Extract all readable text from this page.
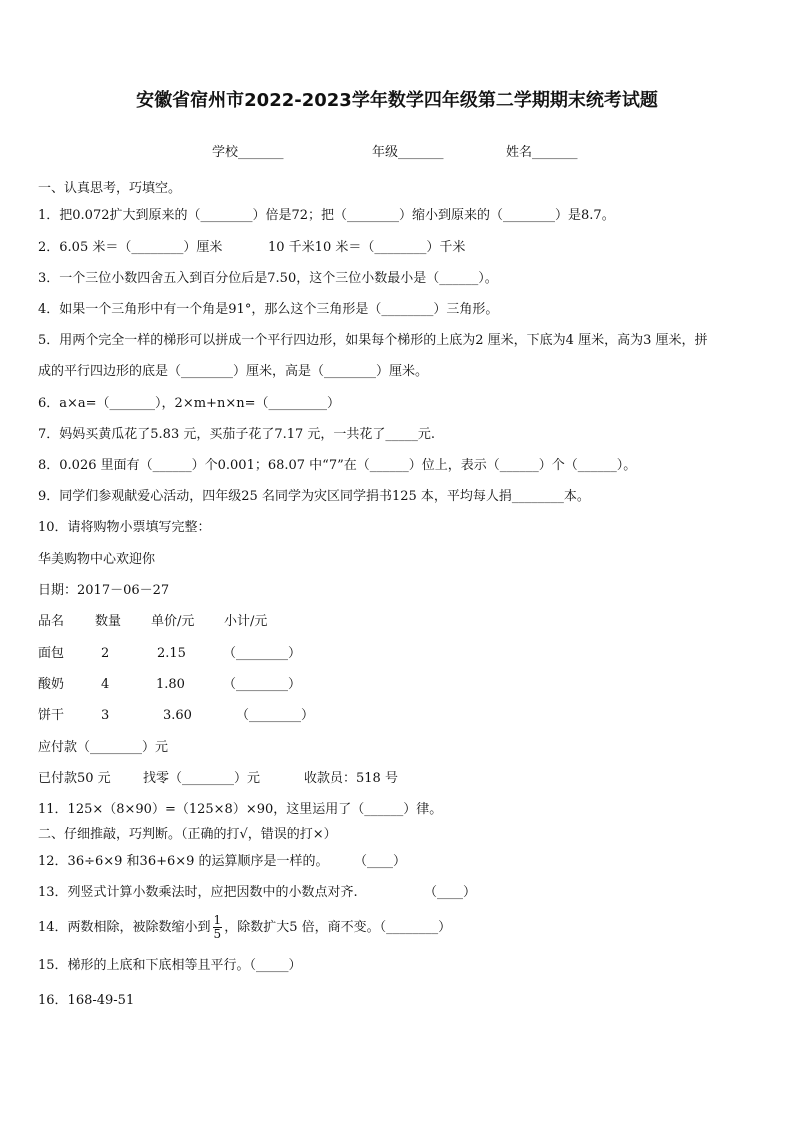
安徽省宿州市2022-2023学年数学四年级第二学期期末统考试题
学校_______	年级_______	姓名_______
一、认真思考，巧填空。
1．把0.072扩大到原来的（________）倍是72；把（________）缩小到原来的（________）是8.7。
2．6.05 米＝（________）厘米	10 千米10 米＝（________）千米
3．一个三位小数四舍五入到百分位后是7.50，这个三位小数最小是（______）。
4．如果一个三角形中有一个角是91°，那么这个三角形是（________）三角形。
5．用两个完全一样的梯形可以拼成一个平行四边形，如果每个梯形的上底为2 厘米，下底为4 厘米，高为3 厘米，拼
成的平行四边形的底是（________）厘米，高是（________）厘米。
6．a×a=（_______），2×m+n×n=（_________）
7．妈妈买黄瓜花了5.83 元，买茄子花了7.17 元，一共花了_____元.
8．0.026 里面有（______）个0.001；68.07 中“7”在（______）位上，表示（______）个（______）。
9．同学们参观献爱心活动，四年级25 名同学为灾区同学捐书125 本，平均每人捐________本。
10．请将购物小票填写完整：
华美购物中心欢迎你
日期：2017－06－27
品名 数量 单价/元 小计/元
面包	2	2.15	（________）
酸奶	4	1.80	（________）
饼干	3	3.60	（________）
应付款（________）元
已付款50 元 找零（________）元	收款员：518 号
11．125×（8×90）=（125×8）×90，这里运用了（______）律。
二、仔细推敲，巧判断。（正确的打√，错误的打×）
12．36÷6×9 和36+6×9 的运算顺序是一样的。 （____）
13．列竖式计算小数乘法时，应把因数中的小数点对齐.	（____）
14．两数相除，被除数缩小到 $\frac{1}{5}$ ，除数扩大5 倍，商不变。（________）
15．梯形的上底和下底相等且平行。（_____）
16．168-49-51
